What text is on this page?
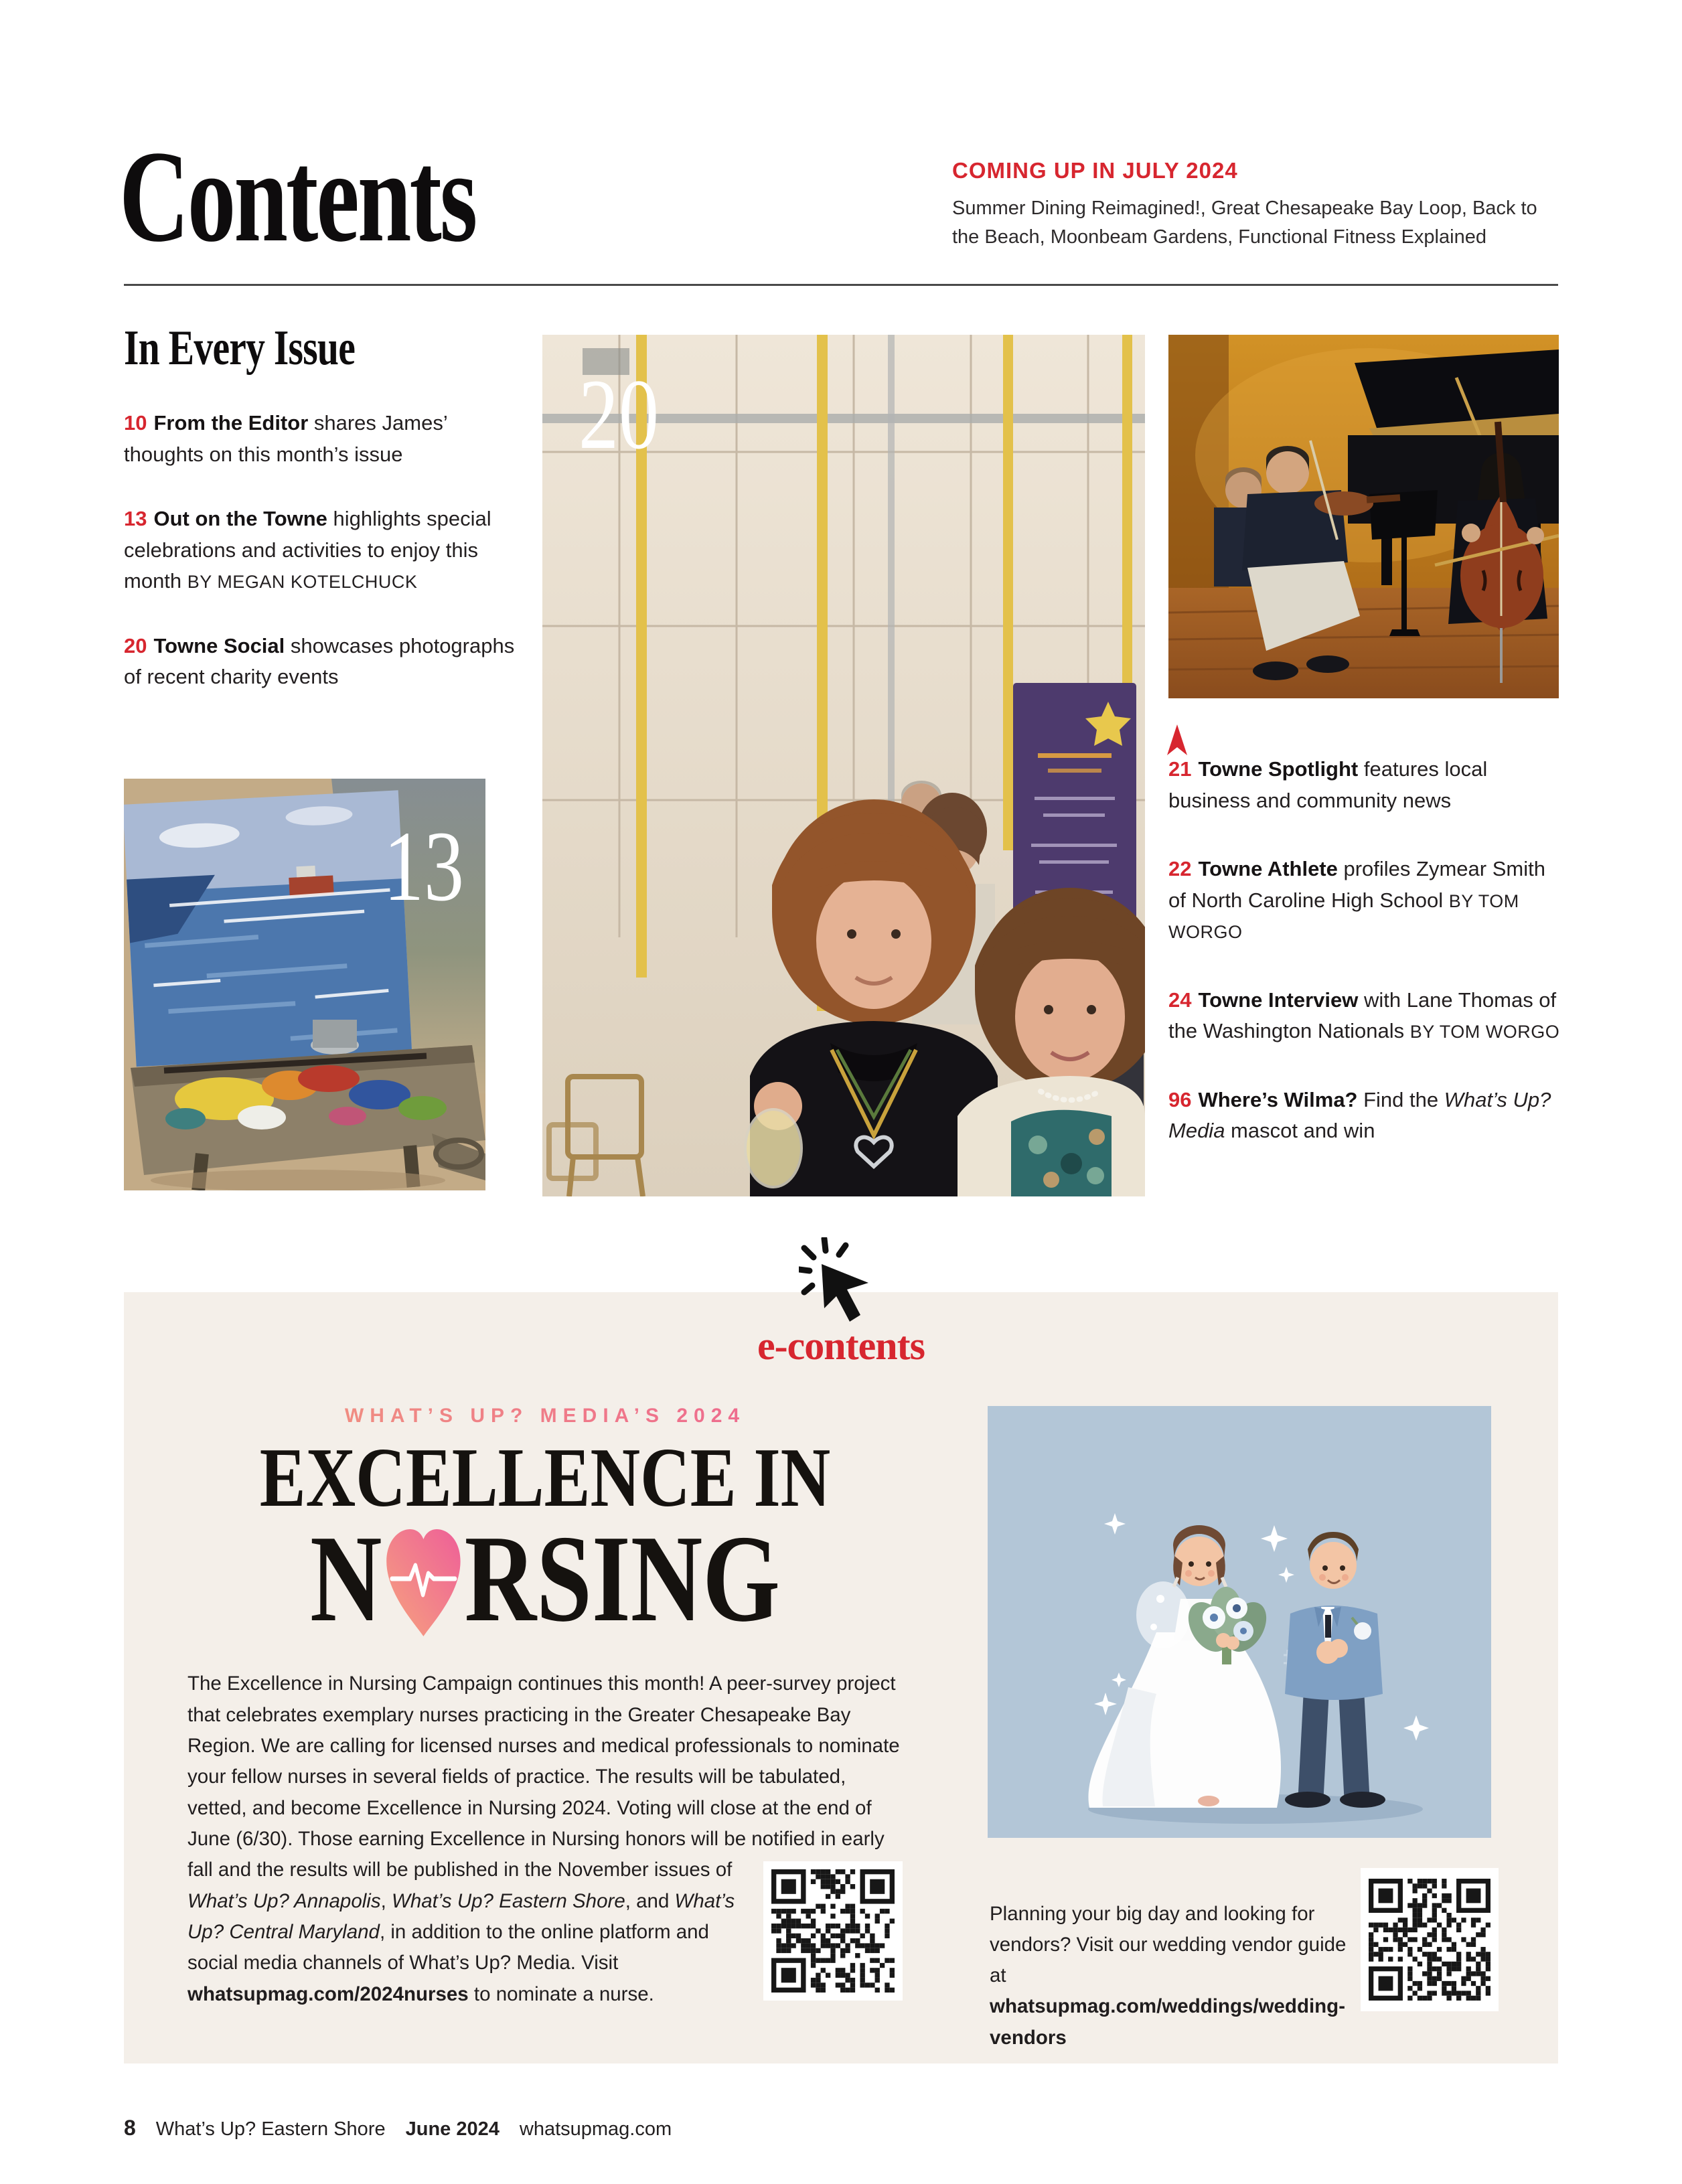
Contents	COMING UP IN JULY 2024
Summer Dining Reimagined!, Great Chesapeake Bay Loop, Back to the Beach, Moonbeam Gardens, Functional Fitness Explained
In Every Issue

10 From the Editor shares James’ thoughts on this month’s issue

13 Out on the Towne highlights special celebrations and activities to enjoy this month BY MEGAN KOTELCHUCK

20 Towne Social showcases photographs of recent charity events

20
13

21 Towne Spotlight features local business and community news

22 Towne Athlete profiles Zymear Smith of North Caroline High School BY TOM WORGO

24 Towne Interview with Lane Thomas of the Washington Nationals BY TOM WORGO

96 Where’s Wilma? Find the What’s Up? Media mascot and win

e-contents
WHAT’S UP? MEDIA’S 2024
EXCELLENCE IN
N RSING

The Excellence in Nursing Campaign continues this month! A peer-survey project that celebrates exemplary nurses practicing in the Greater Chesapeake Bay Region. We are calling for licensed nurses and medical professionals to nominate your fellow nurses in several fields of practice. The results will be tabulated, vetted, and become Excellence in Nursing 2024. Voting will close at the end of June (6/30). Those earning Excellence in Nursing honors will be notified in early fall and the results
will be published in the November issues of What’s Up? Annapolis, What’s Up? Eastern Shore, and What’s Up? Central Maryland, in addition to the online platform and social media channels of What’s Up? Media. Visit whatsupmag.com/2024nurses to nominate a nurse.

Planning your big day and looking for vendors? Visit our wedding vendor guide at whatsupmag.com/weddings/wedding-vendors

8 What’s Up? Eastern Shore June 2024 whatsupmag.com
